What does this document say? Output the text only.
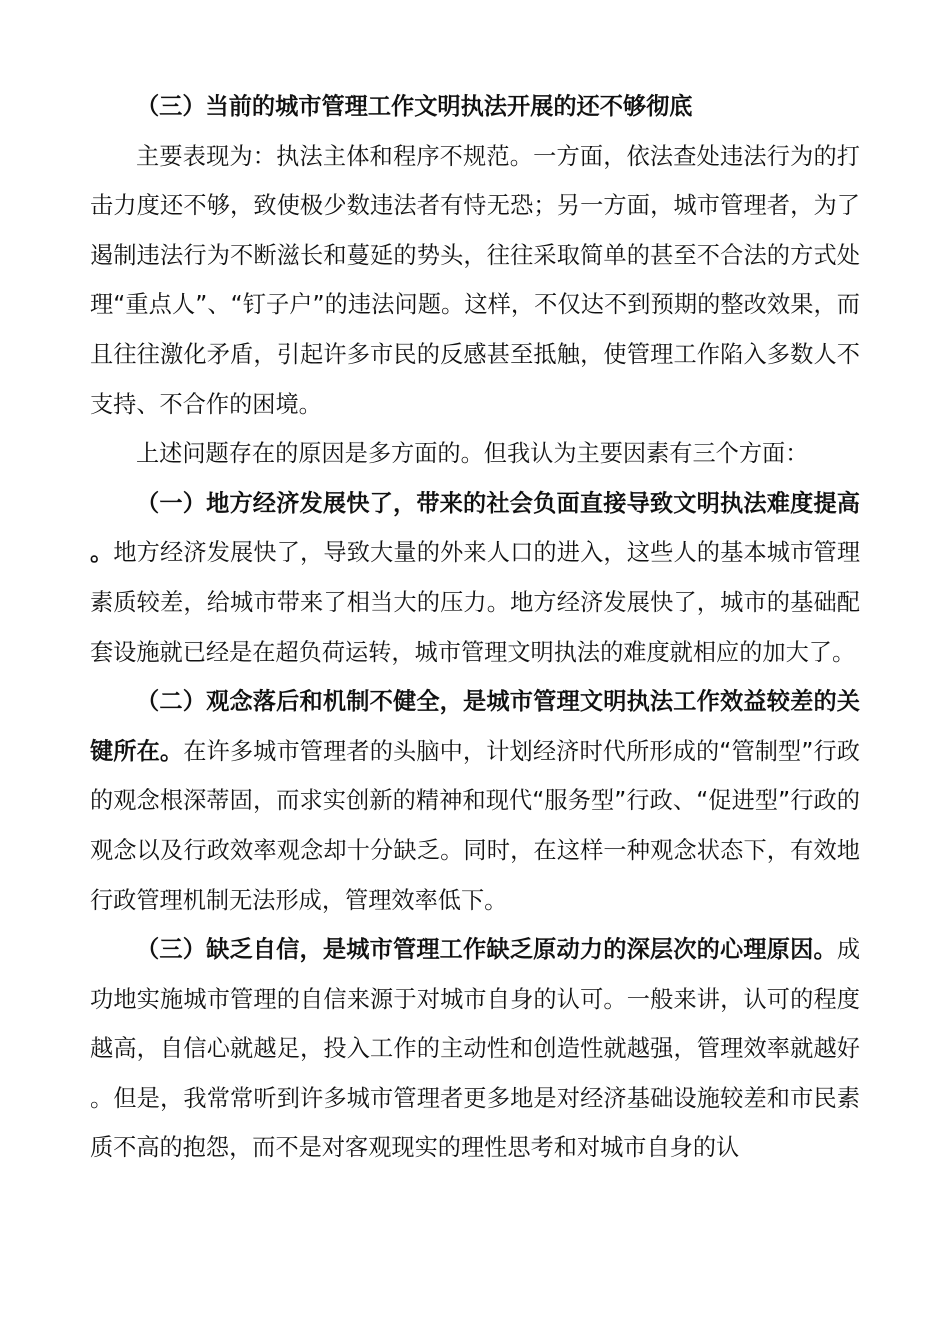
（三）当前的城市管理工作文明执法开展的还不够彻底

主要表现为：执法主体和程序不规范。一方面，依法查处违法行为的打击力度还不够，致使极少数违法者有恃无恐；另一方面，城市管理者，为了遏制违法行为不断滋长和蔓延的势头，往往采取简单的甚至不合法的方式处理“重点人”、“钉子户”的违法问题。这样，不仅达不到预期的整改效果，而且往往激化矛盾，引起许多市民的反感甚至抵触，使管理工作陷入多数人不支持、不合作的困境。

上述问题存在的原因是多方面的。但我认为主要因素有三个方面：

（一）地方经济发展快了，带来的社会负面直接导致文明执法难度提高。地方经济发展快了，导致大量的外来人口的进入，这些人的基本城市管理素质较差，给城市带来了相当大的压力。地方经济发展快了，城市的基础配套设施就已经是在超负荷运转，城市管理文明执法的难度就相应的加大了。

（二）观念落后和机制不健全，是城市管理文明执法工作效益较差的关键所在。在许多城市管理者的头脑中，计划经济时代所形成的“管制型”行政的观念根深蒂固，而求实创新的精神和现代“服务型”行政、“促进型”行政的观念以及行政效率观念却十分缺乏。同时，在这样一种观念状态下，有效地行政管理机制无法形成，管理效率低下。

（三）缺乏自信，是城市管理工作缺乏原动力的深层次的心理原因。成功地实施城市管理的自信来源于对城市自身的认可。一般来讲，认可的程度越高，自信心就越足，投入工作的主动性和创造性就越强，管理效率就越好。但是，我常常听到许多城市管理者更多地是对经济基础设施较差和市民素质不高的抱怨，而不是对客观现实的理性思考和对城市自身的认
